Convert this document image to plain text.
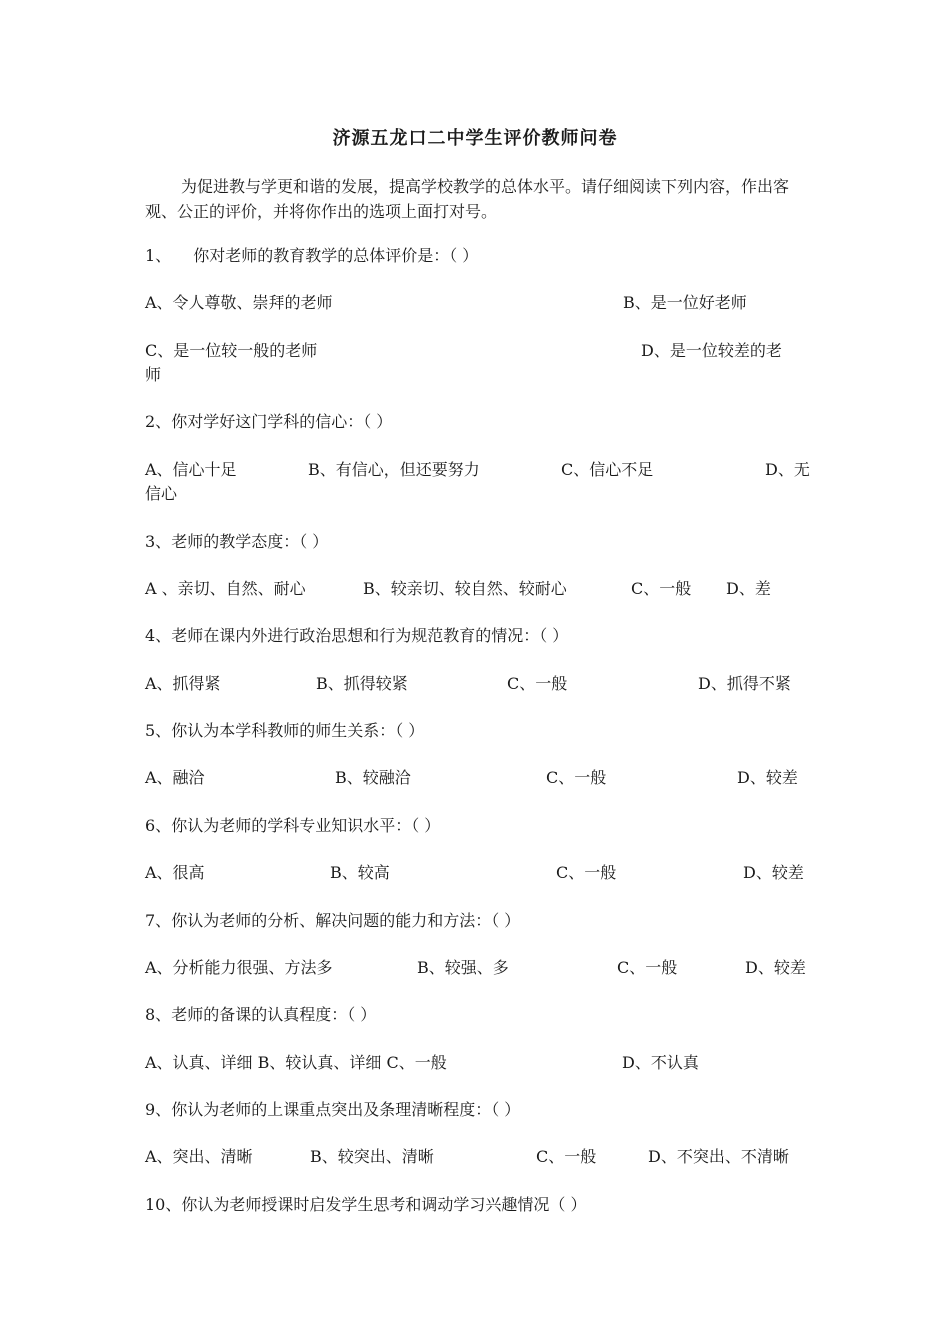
济源五龙口二中学生评价教师问卷
为促进教与学更和谐的发展，提高学校教学的总体水平。请仔细阅读下列内容，作出客观、公正的评价，并将你作出的选项上面打对号。
1、 你对老师的教育教学的总体评价是：（ ）
A、令人尊敬、崇拜的老师	B、是一位好老师
C、是一位较一般的老师	D、是一位较差的老
师
2、你对学好这门学科的信心：（ ）
A、信心十足	B、有信心，但还要努力	C、信心不足	D、无
信心
3、老师的教学态度：（ ）
A 、亲切、自然、耐心	B、较亲切、较自然、较耐心	C、一般 D、差
4、老师在课内外进行政治思想和行为规范教育的情况：（ ）
A、抓得紧	B、抓得较紧	C、一般	D、抓得不紧
5、你认为本学科教师的师生关系：（ ）
A、融洽	B、较融洽	C、一般	D、较差
6、你认为老师的学科专业知识水平：（ ）
A、很高	B、较高	C、一般	D、较差
7、你认为老师的分析、解决问题的能力和方法：（ ）
A、分析能力很强、方法多	B、较强、多	C、一般	D、较差
8、老师的备课的认真程度：（ ）
A、认真、详细 B、较认真、详细 C、一般	D、不认真
9、你认为老师的上课重点突出及条理清晰程度：（ ）
A、突出、清晰	B、较突出、清晰	C、一般	D、不突出、不清晰
10、你认为老师授课时启发学生思考和调动学习兴趣情况（ ）
